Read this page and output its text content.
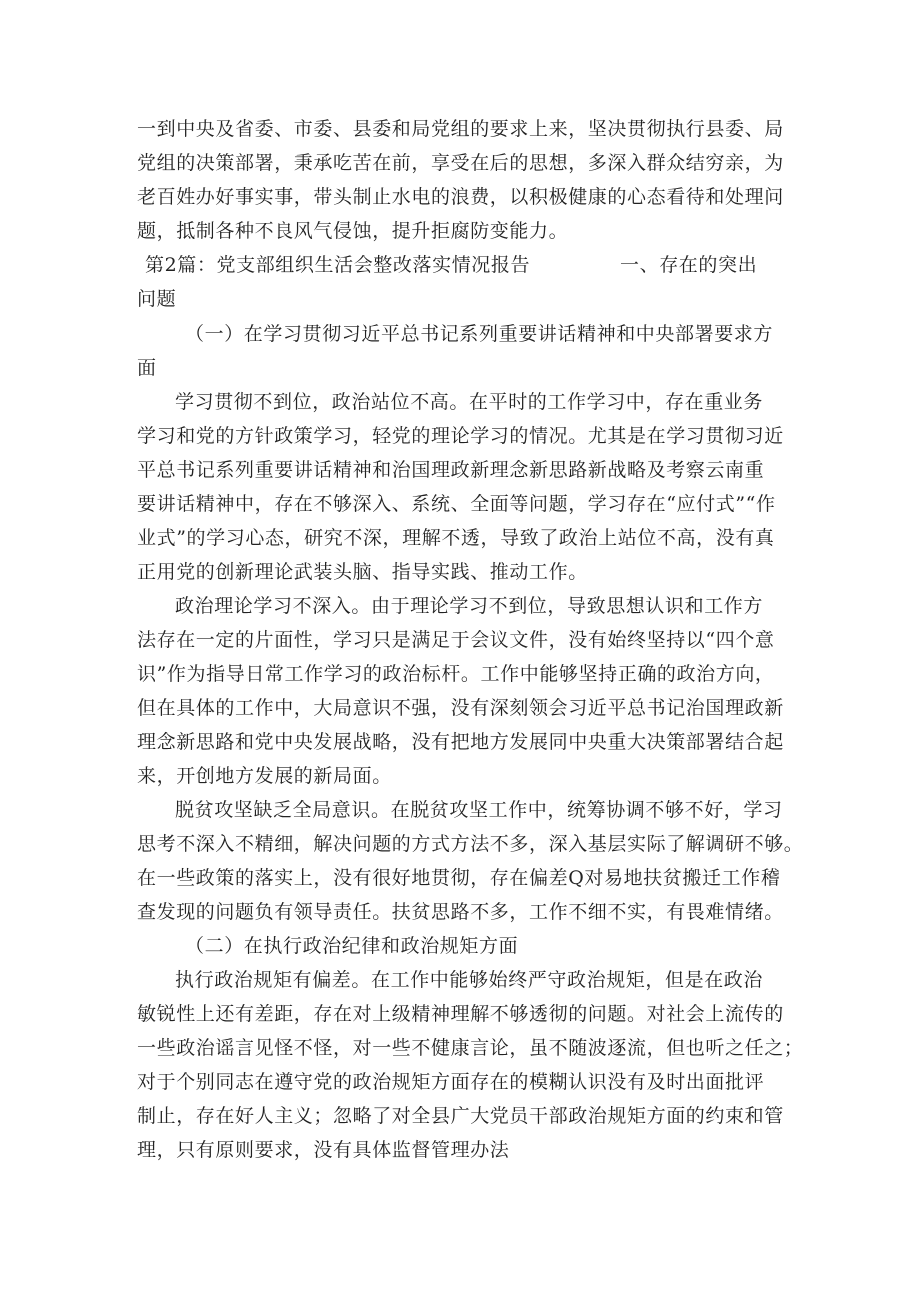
一到中央及省委、市委、县委和局党组的要求上来，坚决贯彻执行县委、局

党组的决策部署，秉承吃苦在前，享受在后的思想，多深入群众结穷亲，为

老百姓办好事实事，带头制止水电的浪费，以积极健康的心态看待和处理问

题，抵制各种不良风气侵蚀，提升拒腐防变能力。

第2篇：党支部组织生活会整改落实情况报告	一、存在的突出

问题

（一）在学习贯彻习近平总书记系列重要讲话精神和中央部署要求方

面

学习贯彻不到位，政治站位不高。在平时的工作学习中，存在重业务

学习和党的方针政策学习，轻党的理论学习的情况。尤其是在学习贯彻习近

平总书记系列重要讲话精神和治国理政新理念新思路新战略及考察云南重

要讲话精神中，存在不够深入、系统、全面等问题，学习存在“应付式”“作

业式”的学习心态，研究不深，理解不透，导致了政治上站位不高，没有真

正用党的创新理论武装头脑、指导实践、推动工作。

政治理论学习不深入。由于理论学习不到位，导致思想认识和工作方

法存在一定的片面性，学习只是满足于会议文件，没有始终坚持以“四个意

识”作为指导日常工作学习的政治标杆。工作中能够坚持正确的政治方向，

但在具体的工作中，大局意识不强，没有深刻领会习近平总书记治国理政新

理念新思路和党中央发展战略，没有把地方发展同中央重大决策部署结合起

来，开创地方发展的新局面。

脱贫攻坚缺乏全局意识。在脱贫攻坚工作中，统筹协调不够不好，学习

思考不深入不精细，解决问题的方式方法不多，深入基层实际了解调研不够。

在一些政策的落实上，没有很好地贯彻，存在偏差Q对易地扶贫搬迁工作稽

查发现的问题负有领导责任。扶贫思路不多，工作不细不实，有畏难情绪。

（二）在执行政治纪律和政治规矩方面

执行政治规矩有偏差。在工作中能够始终严守政治规矩，但是在政治

敏锐性上还有差距，存在对上级精神理解不够透彻的问题。对社会上流传的

一些政治谣言见怪不怪，对一些不健康言论，虽不随波逐流，但也听之任之；

对于个别同志在遵守党的政治规矩方面存在的模糊认识没有及时出面批评

制止，存在好人主义；忽略了对全县广大党员干部政治规矩方面的约束和管

理，只有原则要求，没有具体监督管理办法
